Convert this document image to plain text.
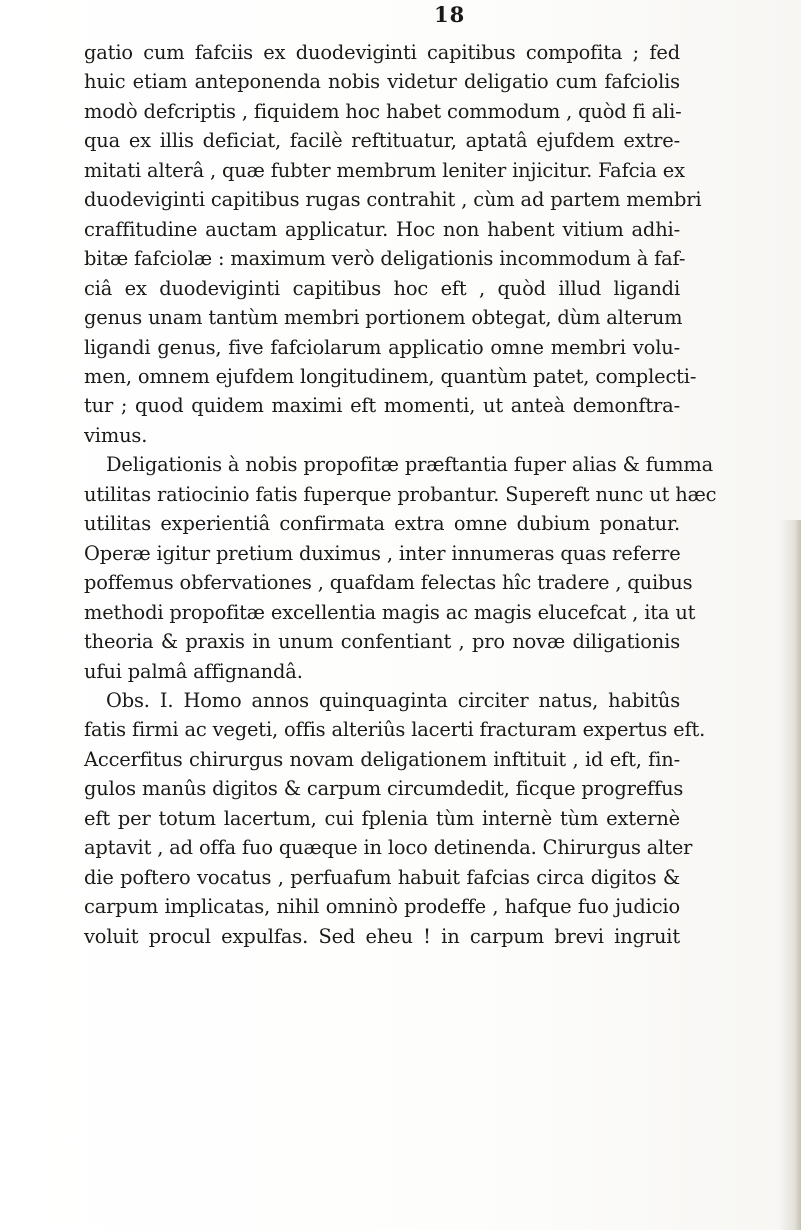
18
gatio cum fafciis ex duodeviginti capitibus compofita ; fed
huic etiam anteponenda nobis videtur deligatio cum fafciolis
modò defcriptis , fiquidem hoc habet commodum , quòd fi ali-
qua ex illis deficiat, facilè reftituatur, aptatâ ejufdem extre-
mitati alterâ , quæ fubter membrum leniter injicitur. Fafcia ex
duodeviginti capitibus rugas contrahit , cùm ad partem membri
craffitudine auctam applicatur. Hoc non habent vitium adhi-
bitæ fafciolæ : maximum verò deligationis incommodum à faf-
ciâ ex duodeviginti capitibus hoc eft , quòd illud ligandi
genus unam tantùm membri portionem obtegat, dùm alterum
ligandi genus, five fafciolarum applicatio omne membri volu-
men, omnem ejufdem longitudinem, quantùm patet, complecti-
tur ; quod quidem maximi eft momenti, ut anteà demonftra-
vimus.
Deligationis à nobis propofitæ præftantia fuper alias & fumma
utilitas ratiocinio fatis fuperque probantur. Supereft nunc ut hæc
utilitas experientiâ confirmata extra omne dubium ponatur.
Operæ igitur pretium duximus , inter innumeras quas referre
poffemus obfervationes , quafdam felectas hîc tradere , quibus
methodi propofitæ excellentia magis ac magis elucefcat , ita ut
theoria & praxis in unum confentiant , pro novæ diligationis
ufui palmâ affignandâ.
Obs. I. Homo annos quinquaginta circiter natus, habitûs
fatis firmi ac vegeti, offis alteriûs lacerti fracturam expertus eft.
Accerfitus chirurgus novam deligationem inftituit , id eft, fin-
gulos manûs digitos & carpum circumdedit, ficque progreffus
eft per totum lacertum, cui fplenia tùm internè tùm externè
aptavit , ad offa fuo quæque in loco detinenda. Chirurgus alter
die poftero vocatus , perfuafum habuit fafcias circa digitos &
carpum implicatas, nihil omninò prodeffe , hafque fuo judicio
voluit procul expulfas. Sed eheu ! in carpum brevi ingruit
